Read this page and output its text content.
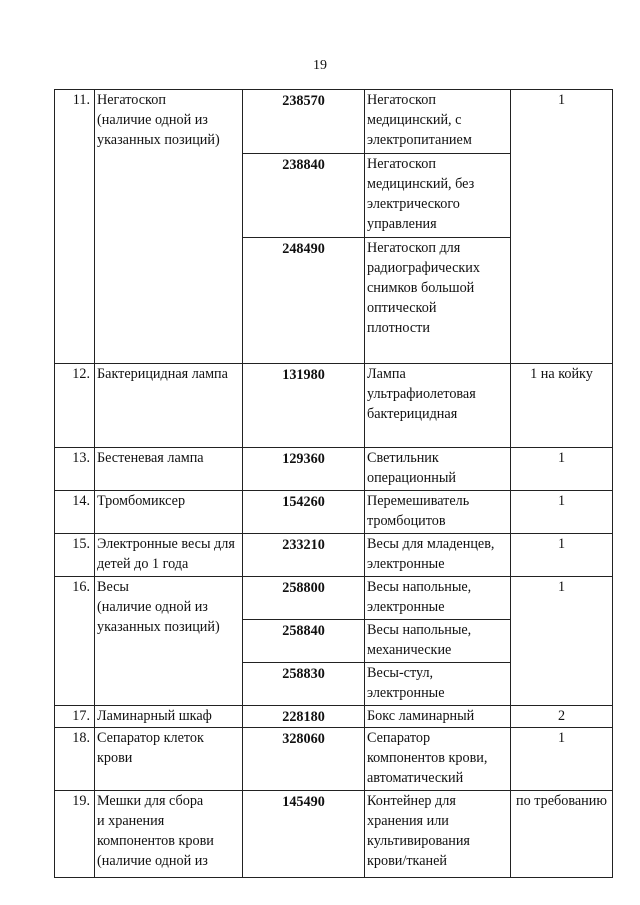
19
11.	Негатоскоп
(наличие одной из
указанных позиций)	238570	Негатоскоп
медицинский, с
электропитанием	1
		238840	Негатоскоп
медицинский, без
электрического
управления	
		248490	Негатоскоп для
радиографических
снимков большой
оптической
плотности	
12.	Бактерицидная лампа	131980	Лампа
ультрафиолетовая
бактерицидная	1 на койку
13.	Бестеневая лампа	129360	Светильник
операционный	1
14.	Тромбомиксер	154260	Перемешиватель
тромбоцитов	1
15.	Электронные весы для
детей до 1 года	233210	Весы для младенцев,
электронные	1
16.	Весы
(наличие одной из
указанных позиций)	258800	Весы напольные,
электронные	1
		258840	Весы напольные,
механические	
		258830	Весы-стул,
электронные	
17.	Ламинарный шкаф	228180	Бокс ламинарный	2
18.	Сепаратор клеток
крови	328060	Сепаратор
компонентов крови,
автоматический	1
19.	Мешки для сбора
и хранения
компонентов крови
(наличие одной из	145490	Контейнер для
хранения или
культивирования
крови/тканей	по требованию
